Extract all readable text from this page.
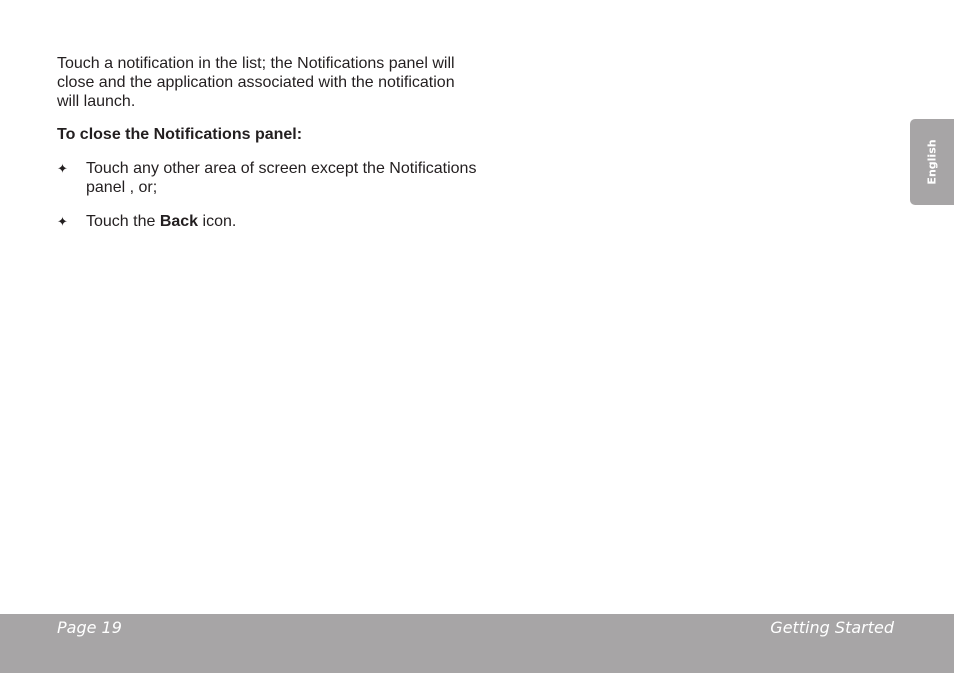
Touch a notification in the list; the Notifications panel will close and the application associated with the notification will launch.

To close the Notifications panel:

✦ Touch any other area of screen except the Notifications panel , or;
✦ Touch the Back icon.
English
Page 19	Getting Started
